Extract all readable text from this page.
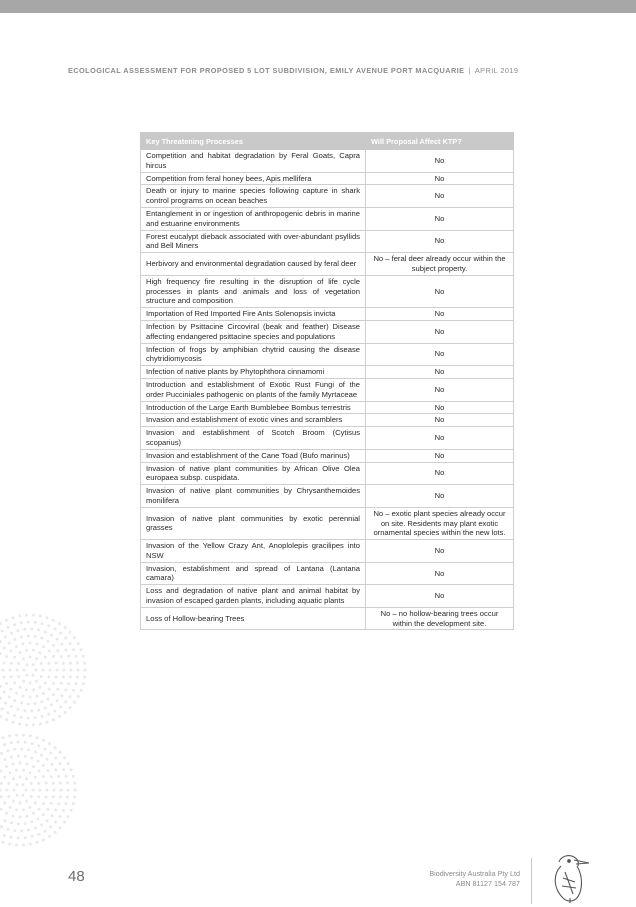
ECOLOGICAL ASSESSMENT FOR PROPOSED 5 LOT SUBDIVISION, EMILY AVENUE PORT MACQUARIE | APRIL 2019
Key Threatening Processes	Will Proposal Affect KTP?
Competition and habitat degradation by Feral Goats, Capra hircus	No
Competition from feral honey bees, Apis mellifera	No
Death or injury to marine species following capture in shark control programs on ocean beaches	No
Entanglement in or ingestion of anthropogenic debris in marine and estuarine environments	No
Forest eucalypt dieback associated with over-abundant psyllids and Bell Miners	No
Herbivory and environmental degradation caused by feral deer	No – feral deer already occur within the subject property.
High frequency fire resulting in the disruption of life cycle processes in plants and animals and loss of vegetation structure and composition	No
Importation of Red Imported Fire Ants Solenopsis invicta	No
Infection by Psittacine Circoviral (beak and feather) Disease affecting endangered psittacine species and populations	No
Infection of frogs by amphibian chytrid causing the disease chytridiomycosis	No
Infection of native plants by Phytophthora cinnamomi	No
Introduction and establishment of Exotic Rust Fungi of the order Pucciniales pathogenic on plants of the family Myrtaceae	No
Introduction of the Large Earth Bumblebee Bombus terrestris	No
Invasion and establishment of exotic vines and scramblers	No
Invasion and establishment of Scotch Broom (Cytisus scoparius)	No
Invasion and establishment of the Cane Toad (Bufo marinus)	No
Invasion of native plant communities by African Olive Olea europaea subsp. cuspidata.	No
Invasion of native plant communities by Chrysanthemoides monilifera	No
Invasion of native plant communities by exotic perennial grasses	No – exotic plant species already occur on site. Residents may plant exotic ornamental species within the new lots.
Invasion of the Yellow Crazy Ant, Anoplolepis gracilipes into NSW	No
Invasion, establishment and spread of Lantana (Lantana camara)	No
Loss and degradation of native plant and animal habitat by invasion of escaped garden plants, including aquatic plants	No
Loss of Hollow-bearing Trees	No – no hollow-bearing trees occur within the development site.
48	Biodiversity Australia Pty Ltd
ABN 81127 154 787
